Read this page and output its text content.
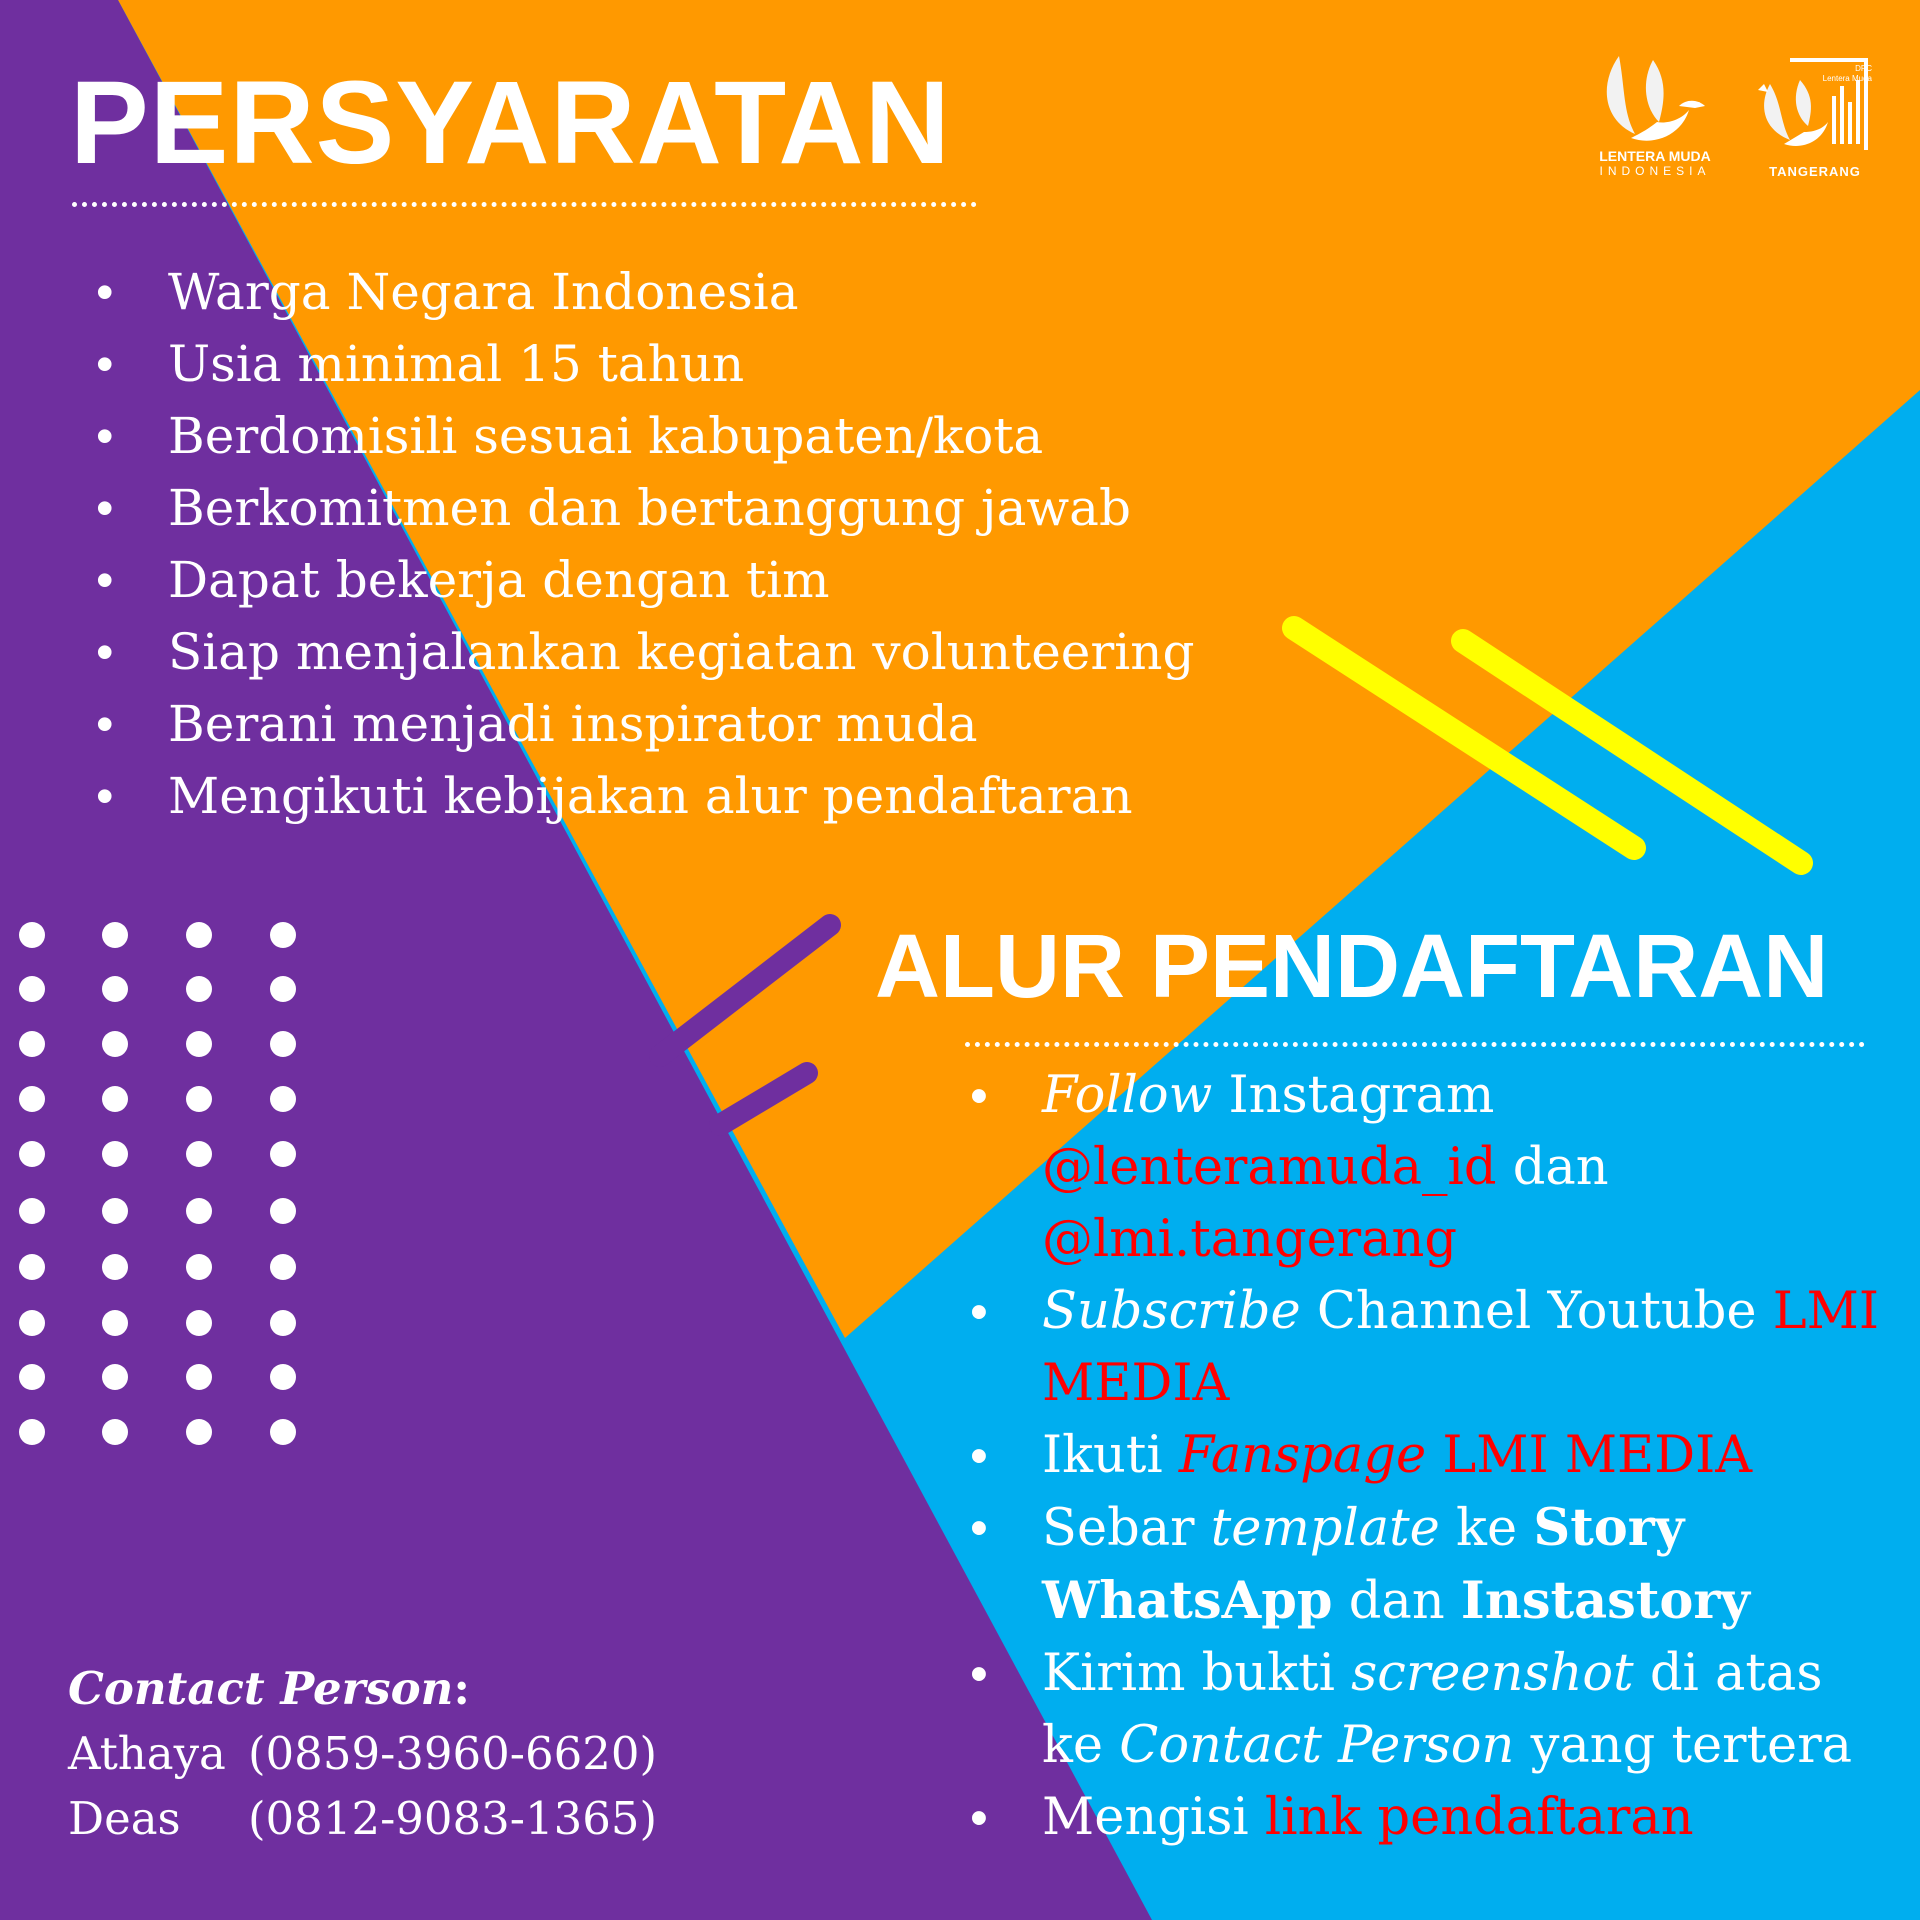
LENTERA MUDA
INDONESIA
DPC
Lentera Muda
TANGERANG
PERSYARATAN
• Warga Negara Indonesia
• Usia minimal 15 tahun
• Berdomisili sesuai kabupaten/kota
• Berkomitmen dan bertanggung jawab
• Dapat bekerja dengan tim
• Siap menjalankan kegiatan volunteering
• Berani menjadi inspirator muda
• Mengikuti kebijakan alur pendaftaran
ALUR PENDAFTARAN
• Follow Instagram @lenteramuda_id dan @lmi.tangerang
• Subscribe Channel Youtube LMI MEDIA
• Ikuti Fanspage LMI MEDIA
• Sebar template ke Story WhatsApp dan Instastory
• Kirim bukti screenshot di atas ke Contact Person yang tertera
• Mengisi link pendaftaran
Contact Person:
Athaya (0859-3960-6620)
Deas (0812-9083-1365)
